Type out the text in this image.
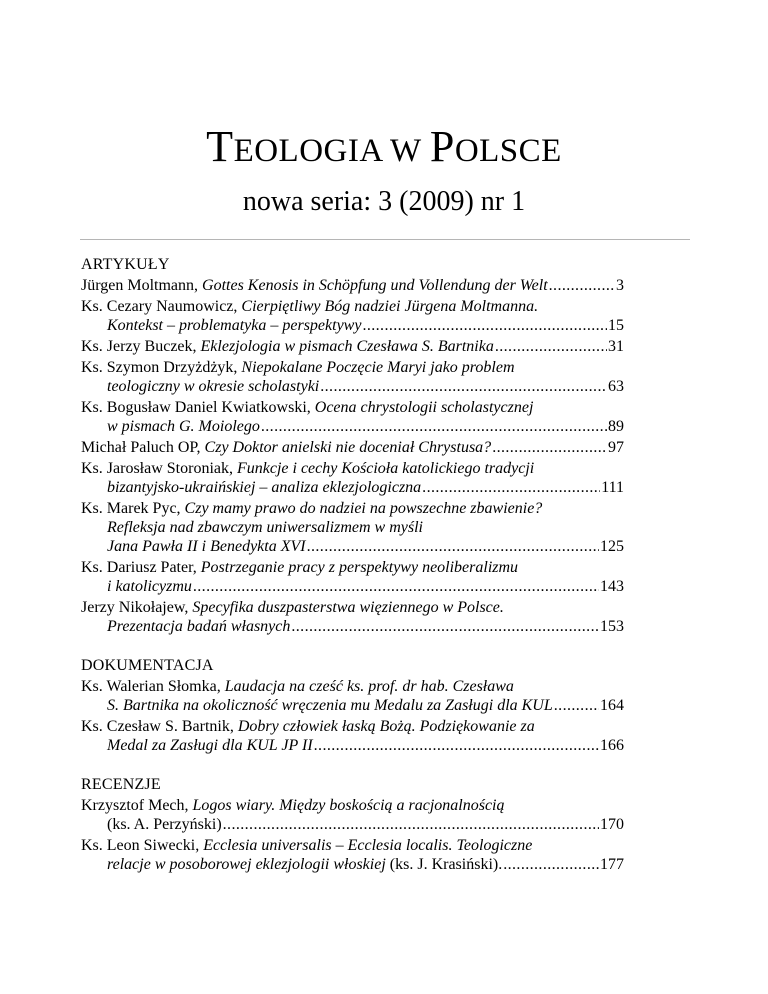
TEOLOGIA W POLSCE
nowa seria: 3 (2009) nr 1
ARTYKUŁY
Jürgen Moltmann, Gottes Kenosis in Schöpfung und Vollendung der Welt .....	3
Ks. Cezary Naumowicz, Cierpiętliwy Bóg nadziei Jürgena Moltmanna.
Kontekst – problematyka – perspektywy .....	15
Ks. Jerzy Buczek, Eklezjologia w pismach Czesława S. Bartnika .....	31
Ks. Szymon Drzyżdżyk, Niepokalane Poczęcie Maryi jako problem
teologiczny w okresie scholastyki .....	63
Ks. Bogusław Daniel Kwiatkowski, Ocena chrystologii scholastycznej
w pismach G. Moiolego .....	89
Michał Paluch OP, Czy Doktor anielski nie doceniał Chrystusa? .....	97
Ks. Jarosław Storoniak, Funkcje i cechy Kościoła katolickiego tradycji
bizantyjsko-ukraińskiej – analiza eklezjologiczna .....	111
Ks. Marek Pyc, Czy mamy prawo do nadziei na powszechne zbawienie?
Refleksja nad zbawczym uniwersalizmem w myśli
Jana Pawła II i Benedykta XVI .....	125
Ks. Dariusz Pater, Postrzeganie pracy z perspektywy neoliberalizmu
i katolicyzmu .....	143
Jerzy Nikołajew, Specyfika duszpasterstwa więziennego w Polsce.
Prezentacja badań własnych .....	153
DOKUMENTACJA
Ks. Walerian Słomka, Laudacja na cześć ks. prof. dr hab. Czesława
S. Bartnika na okoliczność wręczenia mu Medalu za Zasługi dla KUL .....	164
Ks. Czesław S. Bartnik, Dobry człowiek łaską Bożą. Podziękowanie za
Medal za Zasługi dla KUL JP II .....	166
RECENZJE
Krzysztof Mech, Logos wiary. Między boskością a racjonalnością
(ks. A. Perzyński) .....	170
Ks. Leon Siwecki, Ecclesia universalis – Ecclesia localis. Teologiczne
relacje w posoborowej eklezjologii włoskiej (ks. J. Krasiński). .....	177
